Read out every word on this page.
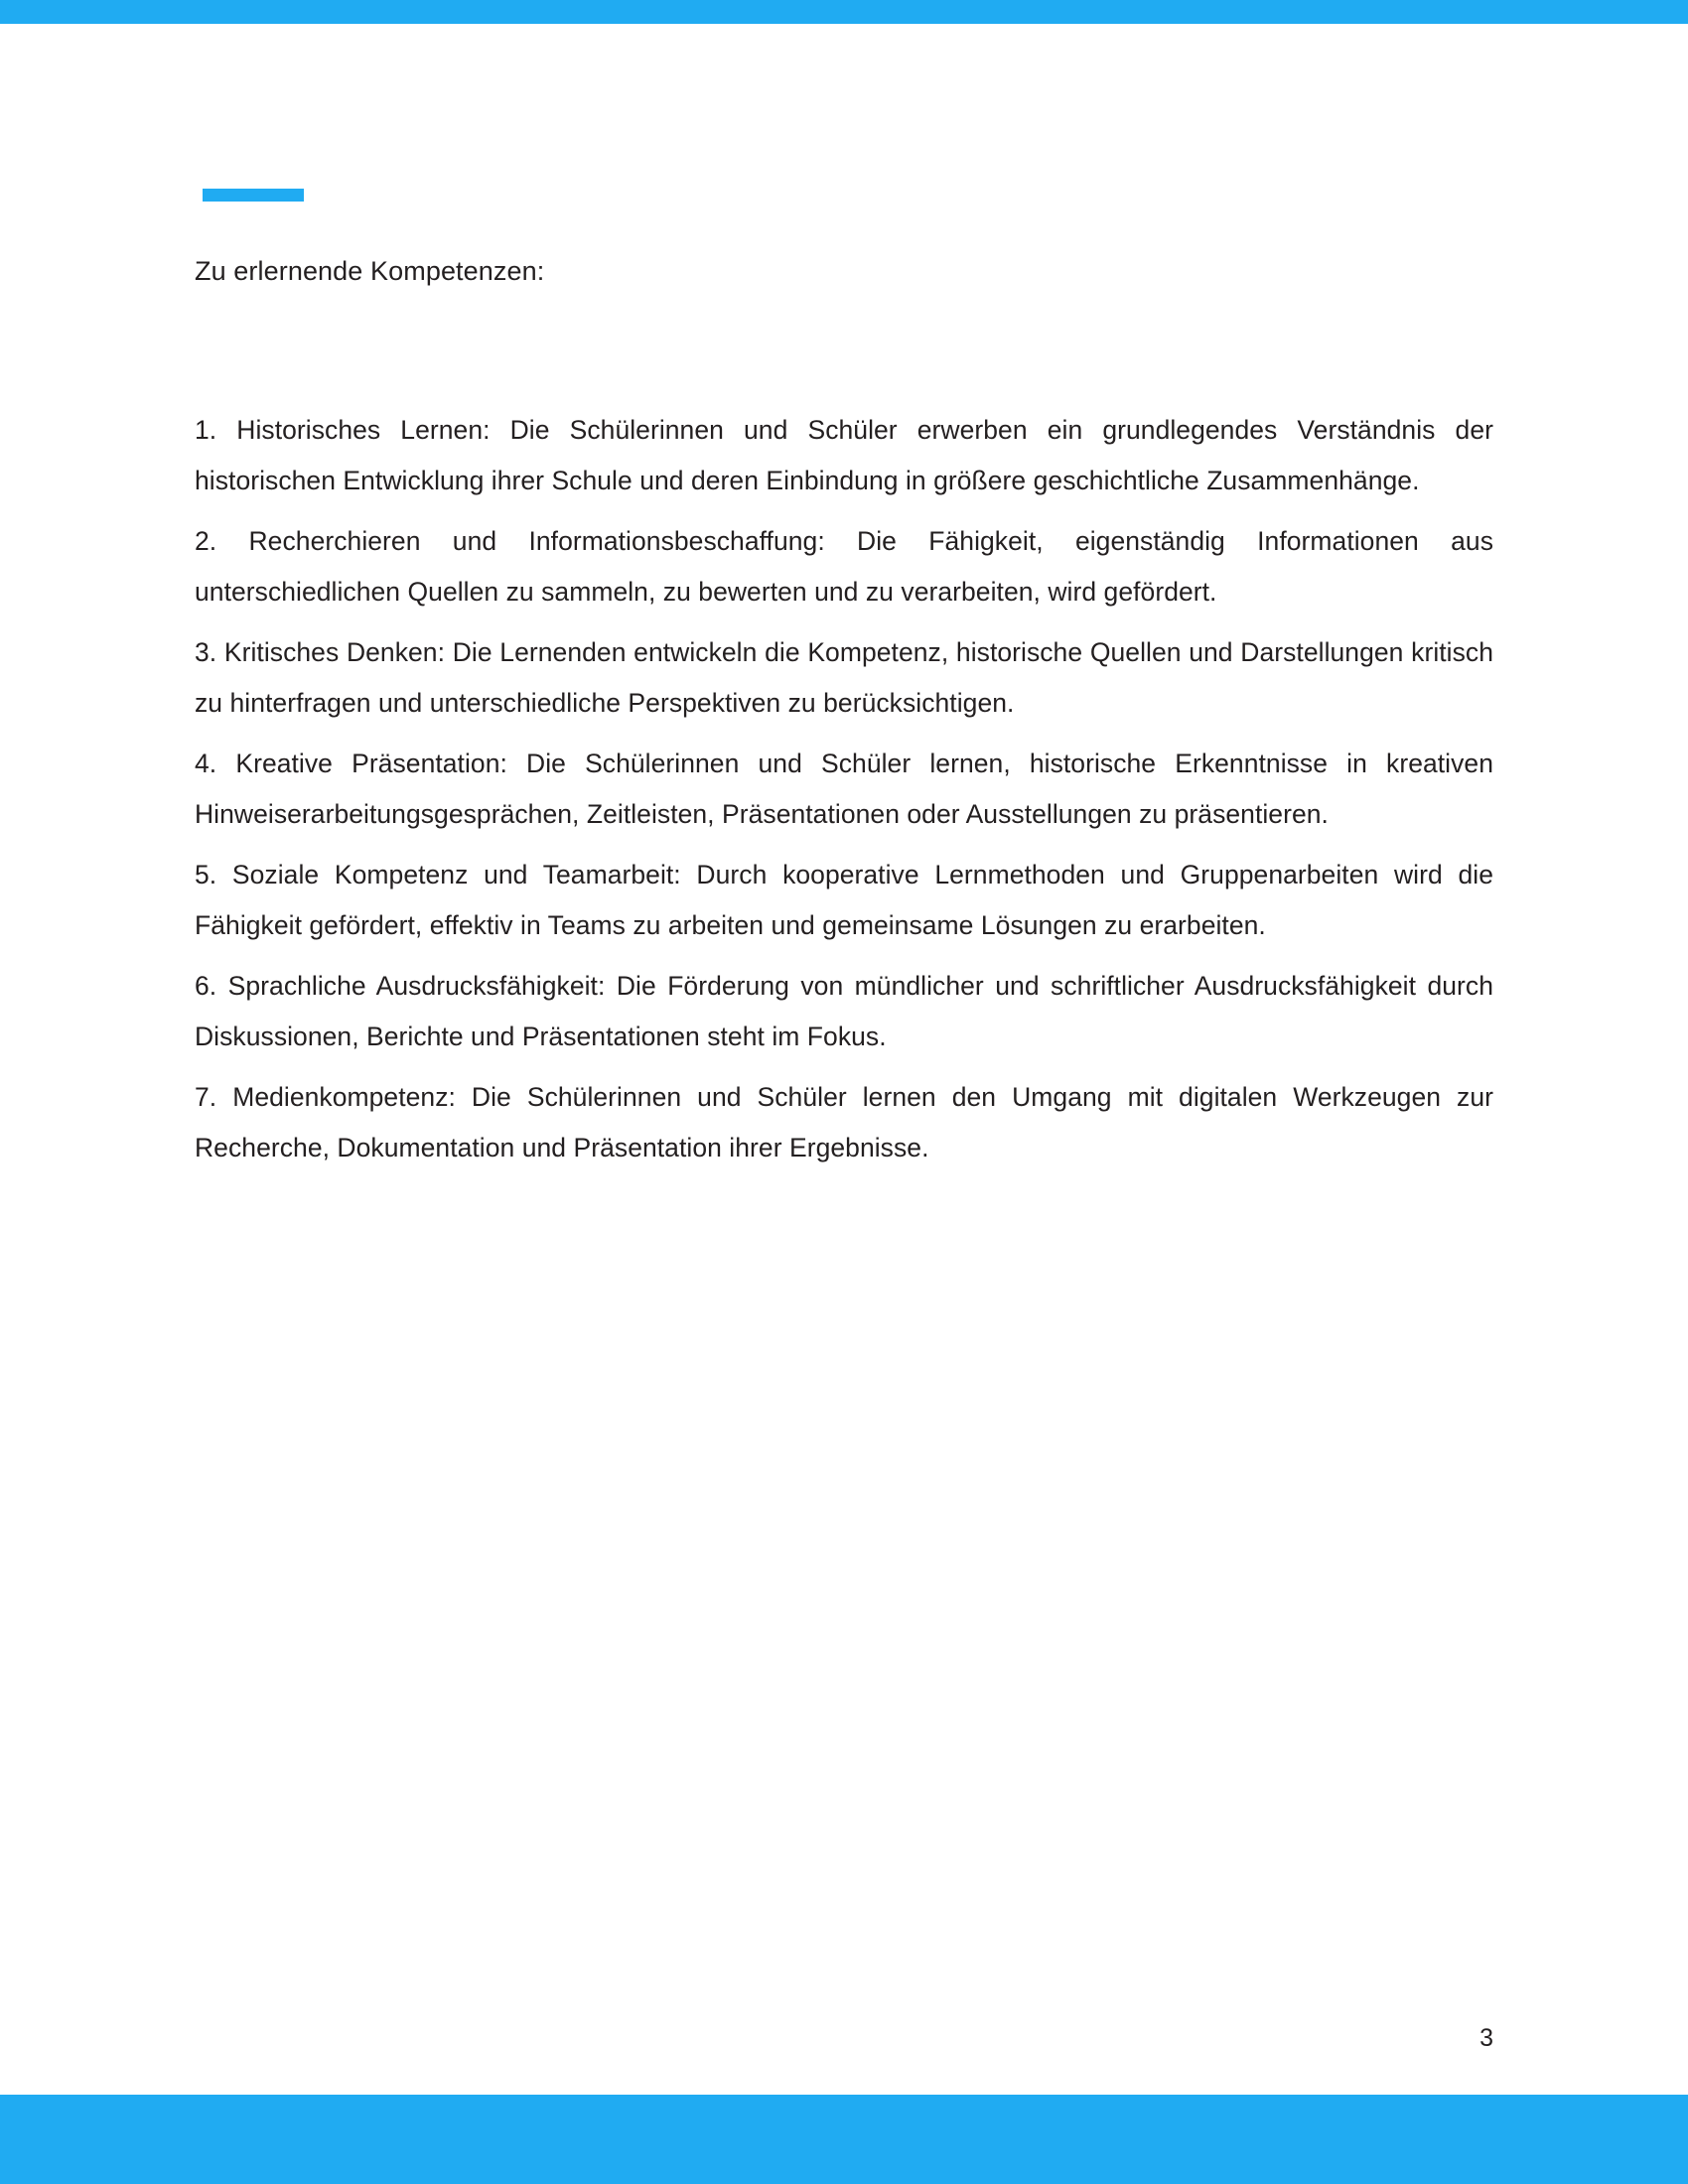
Zu erlernende Kompetenzen:

1. Historisches Lernen: Die Schülerinnen und Schüler erwerben ein grundlegendes Verständnis der historischen Entwicklung ihrer Schule und deren Einbindung in größere geschichtliche Zusammenhänge.

2. Recherchieren und Informationsbeschaffung: Die Fähigkeit, eigenständig Informationen aus unterschiedlichen Quellen zu sammeln, zu bewerten und zu verarbeiten, wird gefördert.

3. Kritisches Denken: Die Lernenden entwickeln die Kompetenz, historische Quellen und Darstellungen kritisch zu hinterfragen und unterschiedliche Perspektiven zu berücksichtigen.

4. Kreative Präsentation: Die Schülerinnen und Schüler lernen, historische Erkenntnisse in kreativen Hinweiserarbeitungsgesprächen, Zeitleisten, Präsentationen oder Ausstellungen zu präsentieren.

5. Soziale Kompetenz und Teamarbeit: Durch kooperative Lernmethoden und Gruppenarbeiten wird die Fähigkeit gefördert, effektiv in Teams zu arbeiten und gemeinsame Lösungen zu erarbeiten.

6. Sprachliche Ausdrucksfähigkeit: Die Förderung von mündlicher und schriftlicher Ausdrucksfähigkeit durch Diskussionen, Berichte und Präsentationen steht im Fokus.

7. Medienkompetenz: Die Schülerinnen und Schüler lernen den Umgang mit digitalen Werkzeugen zur Recherche, Dokumentation und Präsentation ihrer Ergebnisse.

3
